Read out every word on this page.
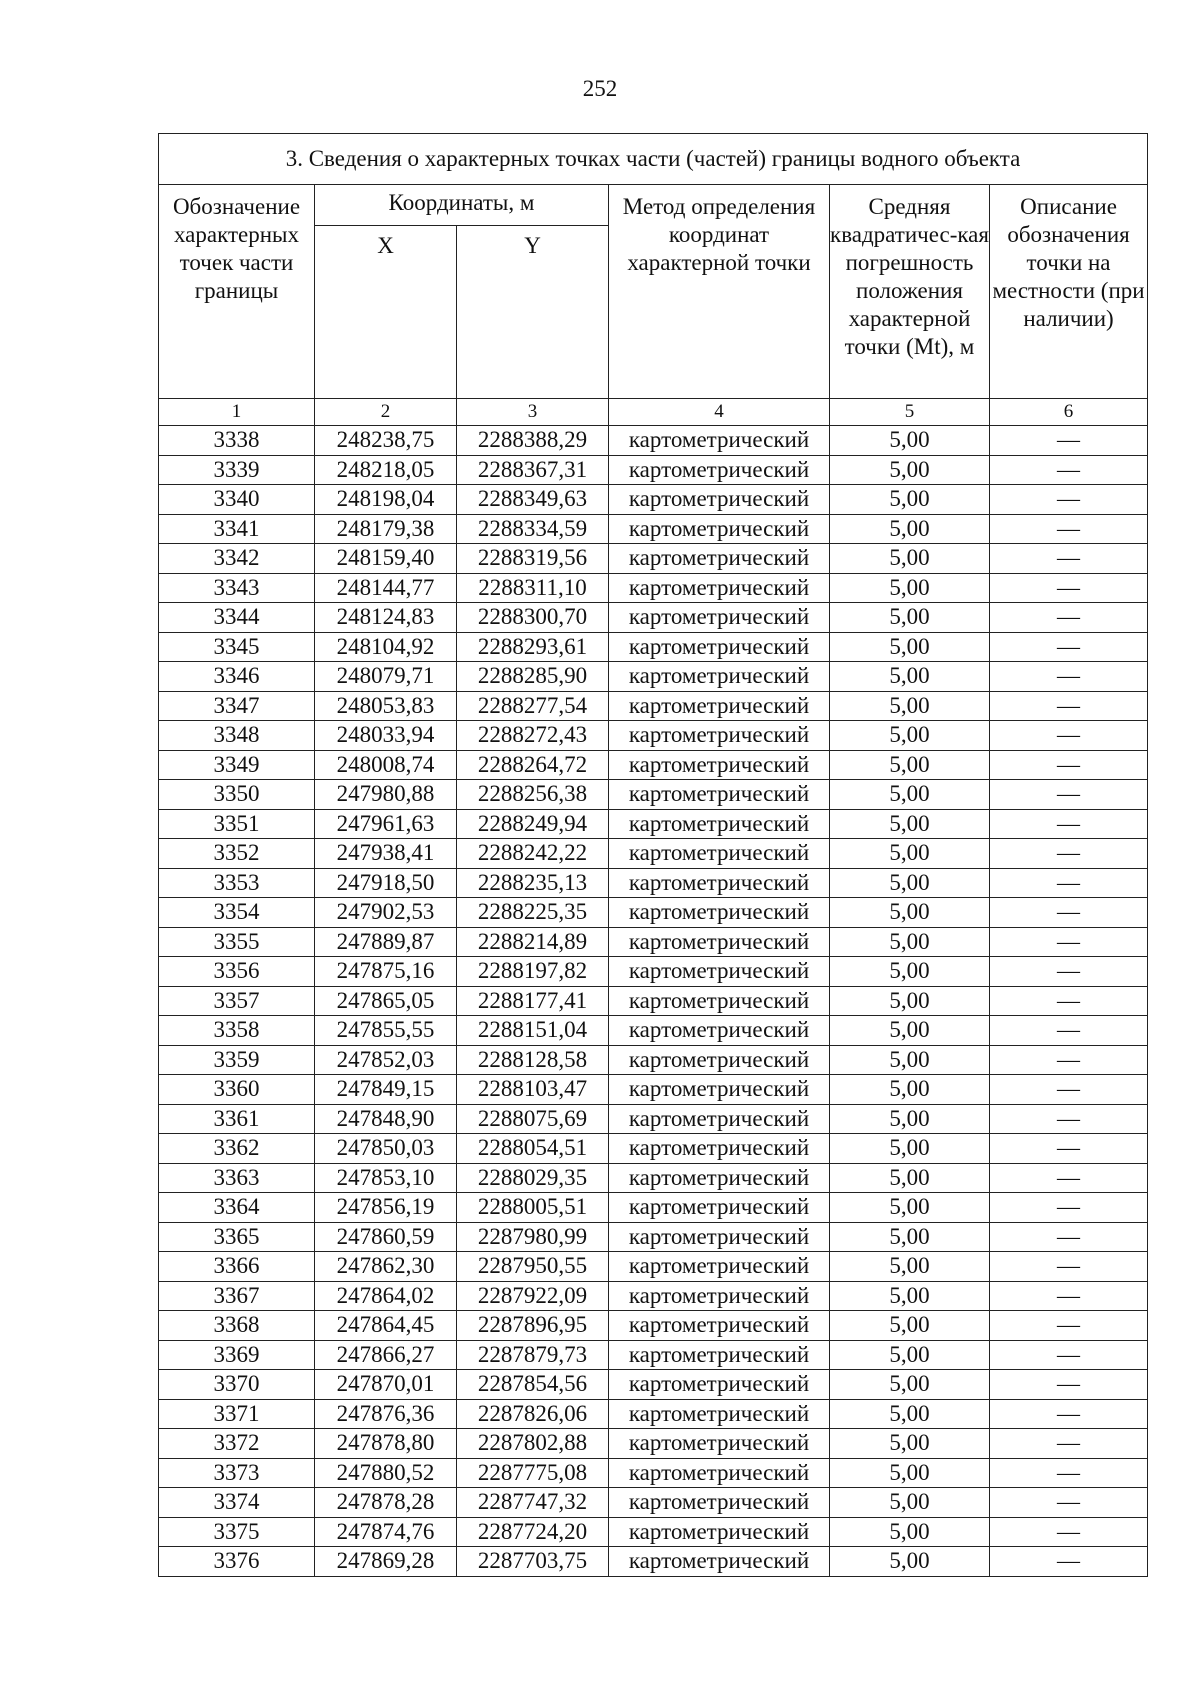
252
3. Сведения о характерных точках части (частей) границы водного объекта					
Обозначение характерных точек части границы	Координаты, м		Метод определения координат характерной точки	Средняя квадратичес-кая погрешность положения характерной точки (Mt), м	Описание обозначения точки на местности (при наличии)
	X	Y			
1	2	3	4	5	6
3338	248238,75	2288388,29	картометрический	5,00	—
3339	248218,05	2288367,31	картометрический	5,00	—
3340	248198,04	2288349,63	картометрический	5,00	—
3341	248179,38	2288334,59	картометрический	5,00	—
3342	248159,40	2288319,56	картометрический	5,00	—
3343	248144,77	2288311,10	картометрический	5,00	—
3344	248124,83	2288300,70	картометрический	5,00	—
3345	248104,92	2288293,61	картометрический	5,00	—
3346	248079,71	2288285,90	картометрический	5,00	—
3347	248053,83	2288277,54	картометрический	5,00	—
3348	248033,94	2288272,43	картометрический	5,00	—
3349	248008,74	2288264,72	картометрический	5,00	—
3350	247980,88	2288256,38	картометрический	5,00	—
3351	247961,63	2288249,94	картометрический	5,00	—
3352	247938,41	2288242,22	картометрический	5,00	—
3353	247918,50	2288235,13	картометрический	5,00	—
3354	247902,53	2288225,35	картометрический	5,00	—
3355	247889,87	2288214,89	картометрический	5,00	—
3356	247875,16	2288197,82	картометрический	5,00	—
3357	247865,05	2288177,41	картометрический	5,00	—
3358	247855,55	2288151,04	картометрический	5,00	—
3359	247852,03	2288128,58	картометрический	5,00	—
3360	247849,15	2288103,47	картометрический	5,00	—
3361	247848,90	2288075,69	картометрический	5,00	—
3362	247850,03	2288054,51	картометрический	5,00	—
3363	247853,10	2288029,35	картометрический	5,00	—
3364	247856,19	2288005,51	картометрический	5,00	—
3365	247860,59	2287980,99	картометрический	5,00	—
3366	247862,30	2287950,55	картометрический	5,00	—
3367	247864,02	2287922,09	картометрический	5,00	—
3368	247864,45	2287896,95	картометрический	5,00	—
3369	247866,27	2287879,73	картометрический	5,00	—
3370	247870,01	2287854,56	картометрический	5,00	—
3371	247876,36	2287826,06	картометрический	5,00	—
3372	247878,80	2287802,88	картометрический	5,00	—
3373	247880,52	2287775,08	картометрический	5,00	—
3374	247878,28	2287747,32	картометрический	5,00	—
3375	247874,76	2287724,20	картометрический	5,00	—
3376	247869,28	2287703,75	картометрический	5,00	—
